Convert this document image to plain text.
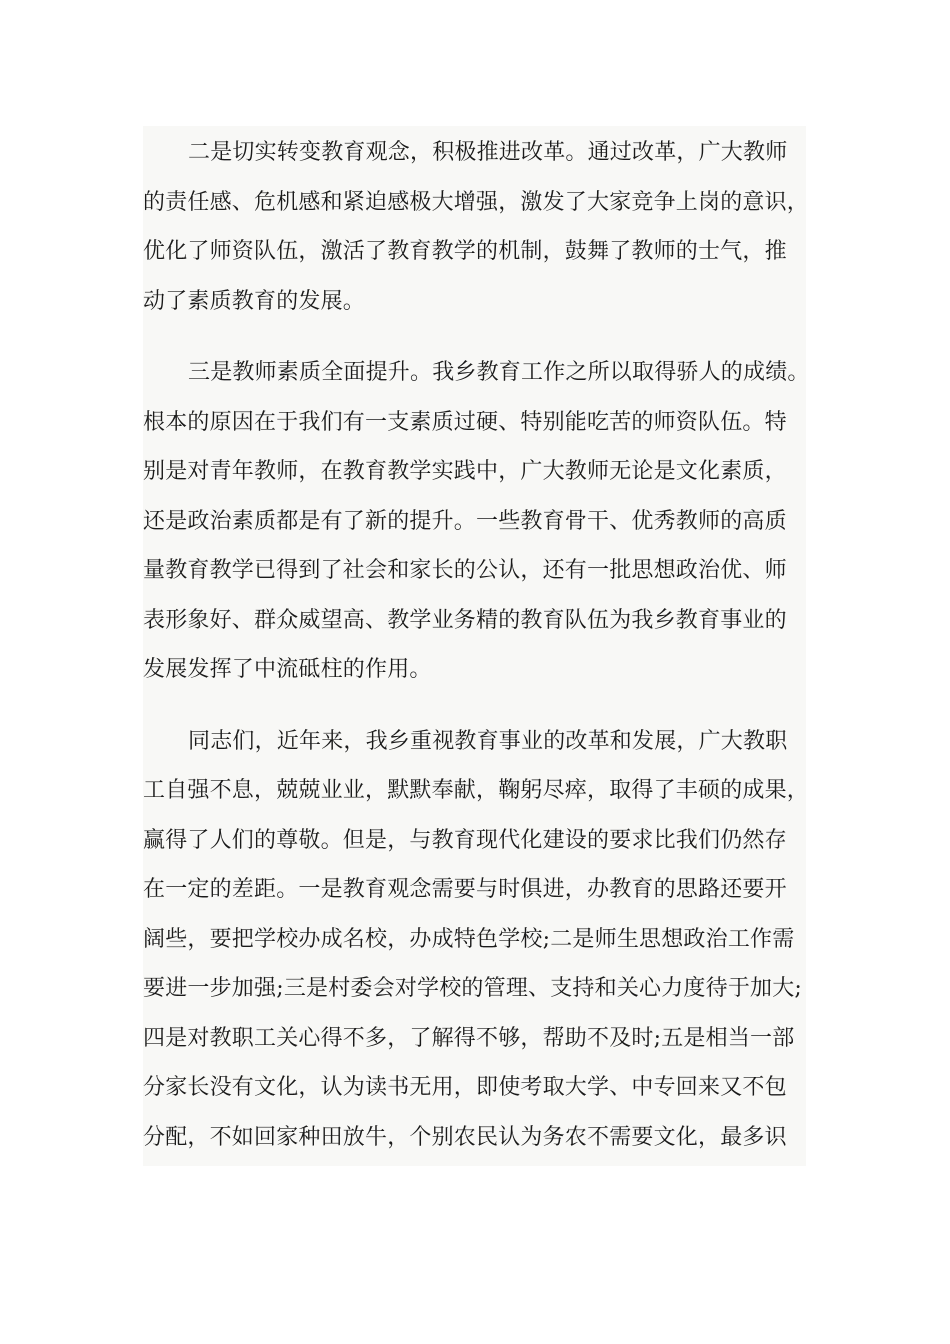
二是切实转变教育观念，积极推进改革。通过改革，广大教师
的责任感、危机感和紧迫感极大增强，激发了大家竞争上岗的意识，
优化了师资队伍，激活了教育教学的机制，鼓舞了教师的士气，推
动了素质教育的发展。
三是教师素质全面提升。我乡教育工作之所以取得骄人的成绩。
根本的原因在于我们有一支素质过硬、特别能吃苦的师资队伍。特
别是对青年教师，在教育教学实践中，广大教师无论是文化素质，
还是政治素质都是有了新的提升。一些教育骨干、优秀教师的高质
量教育教学已得到了社会和家长的公认，还有一批思想政治优、师
表形象好、群众威望高、教学业务精的教育队伍为我乡教育事业的
发展发挥了中流砥柱的作用。
同志们，近年来，我乡重视教育事业的改革和发展，广大教职
工自强不息，兢兢业业，默默奉献，鞠躬尽瘁，取得了丰硕的成果，
赢得了人们的尊敬。但是，与教育现代化建设的要求比我们仍然存
在一定的差距。一是教育观念需要与时俱进，办教育的思路还要开
阔些，要把学校办成名校，办成特色学校;二是师生思想政治工作需
要进一步加强;三是村委会对学校的管理、支持和关心力度待于加大;
四是对教职工关心得不多，了解得不够，帮助不及时;五是相当一部
分家长没有文化，认为读书无用，即使考取大学、中专回来又不包
分配，不如回家种田放牛，个别农民认为务农不需要文化，最多识
